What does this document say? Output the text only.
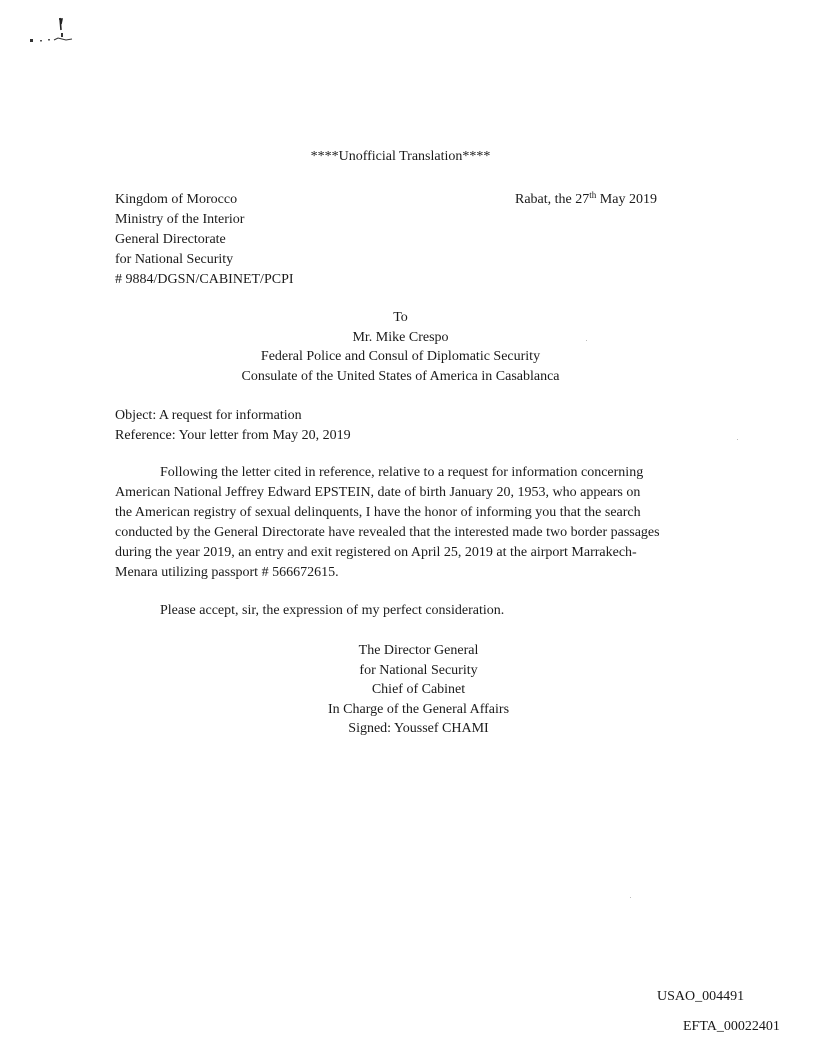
****Unofficial Translation****
Kingdom of Morocco
Ministry of the Interior
General Directorate
for National Security
# 9884/DGSN/CABINET/PCPI
Rabat, the 27th May 2019
To
Mr. Mike Crespo
Federal Police and Consul of Diplomatic Security
Consulate of the United States of America in Casablanca
Object: A request for information
Reference: Your letter from May 20, 2019
Following the letter cited in reference, relative to a request for information concerning
American National Jeffrey Edward EPSTEIN, date of birth January 20, 1953, who appears on
the American registry of sexual delinquents, I have the honor of informing you that the search
conducted by the General Directorate have revealed that the interested made two border passages
during the year 2019, an entry and exit registered on April 25, 2019 at the airport Marrakech-
Menara utilizing passport # 566672615.
Please accept, sir, the expression of my perfect consideration.
The Director General
for National Security
Chief of Cabinet
In Charge of the General Affairs
Signed: Youssef CHAMI
USAO_004491
EFTA_00022401
